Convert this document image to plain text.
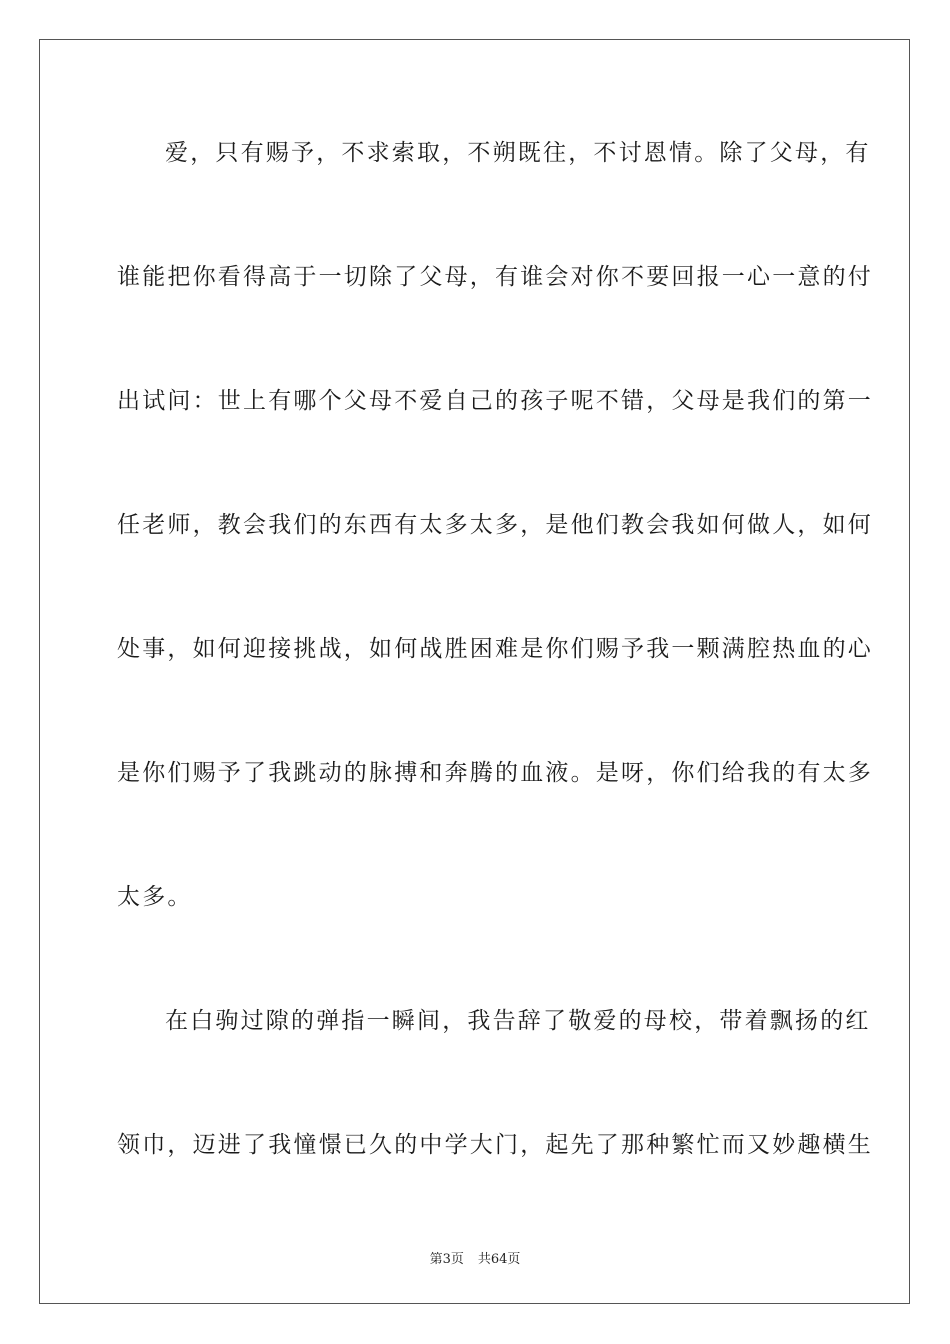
爱，只有赐予，不求索取，不朔既往，不讨恩情。除了父母，有
谁能把你看得高于一切除了父母，有谁会对你不要回报一心一意的付
出试问：世上有哪个父母不爱自己的孩子呢不错，父母是我们的第一
任老师，教会我们的东西有太多太多，是他们教会我如何做人，如何
处事，如何迎接挑战，如何战胜困难是你们赐予我一颗满腔热血的心
是你们赐予了我跳动的脉搏和奔腾的血液。是呀，你们给我的有太多
太多。
在白驹过隙的弹指一瞬间，我告辞了敬爱的母校，带着飘扬的红
领巾，迈进了我憧憬已久的中学大门，起先了那种繁忙而又妙趣横生
第3页 共64页
